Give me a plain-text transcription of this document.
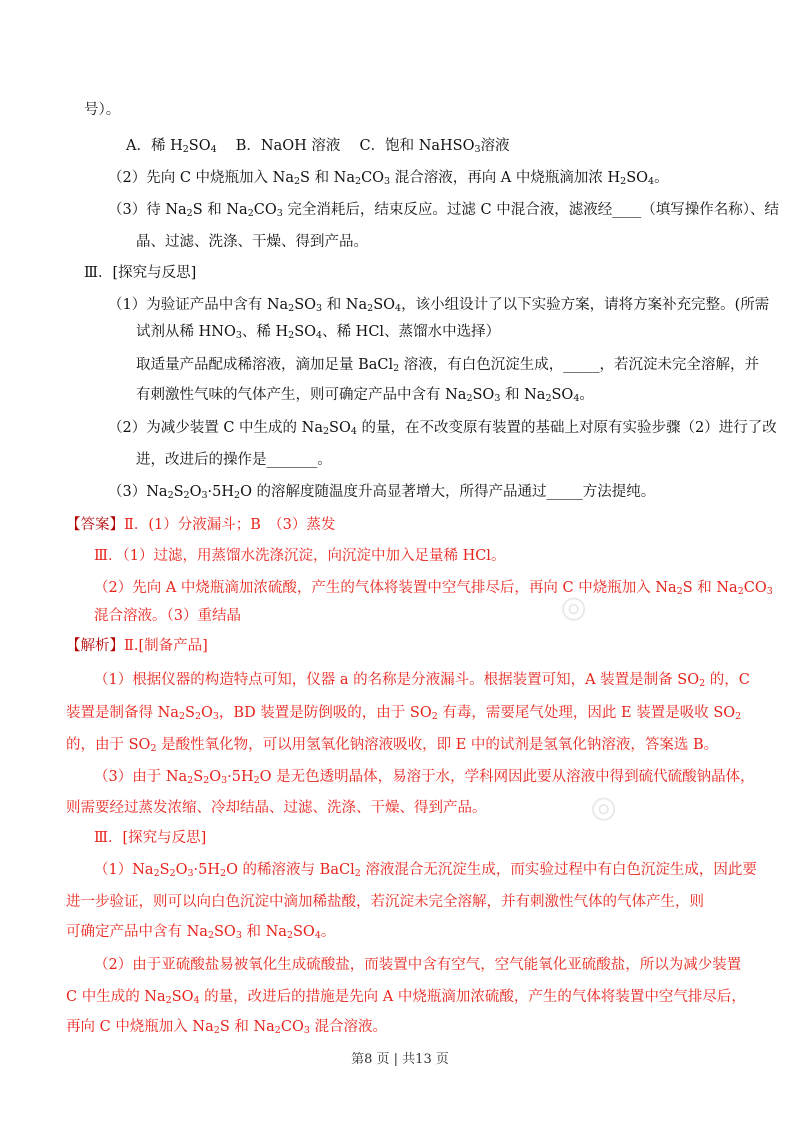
◎
◎
号）。
A．稀 $H_2SO_4$　 B．NaOH 溶液　 C．饱和 NaHSO$_3$溶液
（2）先向 C 中烧瓶加入 $Na_2S$ 和 $Na_2CO_3$ 混合溶液，再向 A 中烧瓶滴加浓 $H_2SO_4$。
（3）待 $Na_2S$ 和 $Na_2CO_3$ 完全消耗后，结束反应。过滤 C 中混合液，滤液经____（填写操作名称）、结
晶、过滤、洗涤、干燥、得到产品。
Ⅲ．[探究与反思]
（1）为验证产品中含有 $Na_2SO_3$ 和 $Na_2SO_4$，该小组设计了以下实验方案，请将方案补充完整。(所需
试剂从稀 $HNO_3$、稀 $H_2SO_4$、稀 HCl、蒸馏水中选择）
取适量产品配成稀溶液，滴加足量 BaCl$_2$ 溶液，有白色沉淀生成，_____，若沉淀未完全溶解，并
有刺激性气味的气体产生，则可确定产品中含有 $Na_2SO_3$ 和 $Na_2SO_4$。
（2）为减少装置 C 中生成的 $Na_2SO_4$ 的量，在不改变原有装置的基础上对原有实验步骤（2）进行了改
进，改进后的操作是_______。
$(3)Na_2S_2O_3\cdot 5H_2O$ 的溶解度随温度升高显著增大，所得产品通过_____方法提纯。
【答案】Ⅱ．(1）分液漏斗；B　（3）蒸发
Ⅲ．（1）过滤，用蒸馏水洗涤沉淀，向沉淀中加入足量稀 HCl。
（2）先向 A 中烧瓶滴加浓硫酸，产生的气体将装置中空气排尽后，再向 C 中烧瓶加入 $Na_2S$ 和 $Na_2CO_3$
混合溶液。（3）重结晶
【解析】Ⅱ.[制备产品]
（1）根据仪器的构造特点可知，仪器 a 的名称是分液漏斗。根据装置可知，A 装置是制备 $SO_2$ 的，C
装置是制备得 $Na_2S_2O_3$，BD 装置是防倒吸的，由于 $SO_2$ 有毒，需要尾气处理，因此 E 装置是吸收 $SO_2$
的，由于 $SO_2$ 是酸性氧化物，可以用氢氧化钠溶液吸收，即 E 中的试剂是氢氧化钠溶液，答案选 B。
（3）由于 $Na_2S_2O_3\cdot 5H_2O$ 是无色透明晶体，易溶于水，学科网因此要从溶液中得到硫代硫酸钠晶体，
则需要经过蒸发浓缩、冷却结晶、过滤、洗涤、干燥、得到产品。
Ⅲ．[探究与反思]
$(1)Na_2S_2O_3\cdot 5H_2O$ 的稀溶液与 BaCl$_2$ 溶液混合无沉淀生成，而实验过程中有白色沉淀生成，因此要
进一步验证，则可以向白色沉淀中滴加稀盐酸，若沉淀未完全溶解，并有刺激性气体的气体产生，则
可确定产品中含有 $Na_2SO_3$ 和 $Na_2SO_4$。
（2）由于亚硫酸盐易被氧化生成硫酸盐，而装置中含有空气，空气能氧化亚硫酸盐，所以为减少装置
C 中生成的 $Na_2SO_4$ 的量，改进后的措施是先向 A 中烧瓶滴加浓硫酸，产生的气体将装置中空气排尽后，
再向 C 中烧瓶加入 $Na_2S$ 和 $Na_2CO_3$ 混合溶液。
第8 页 | 共13 页
